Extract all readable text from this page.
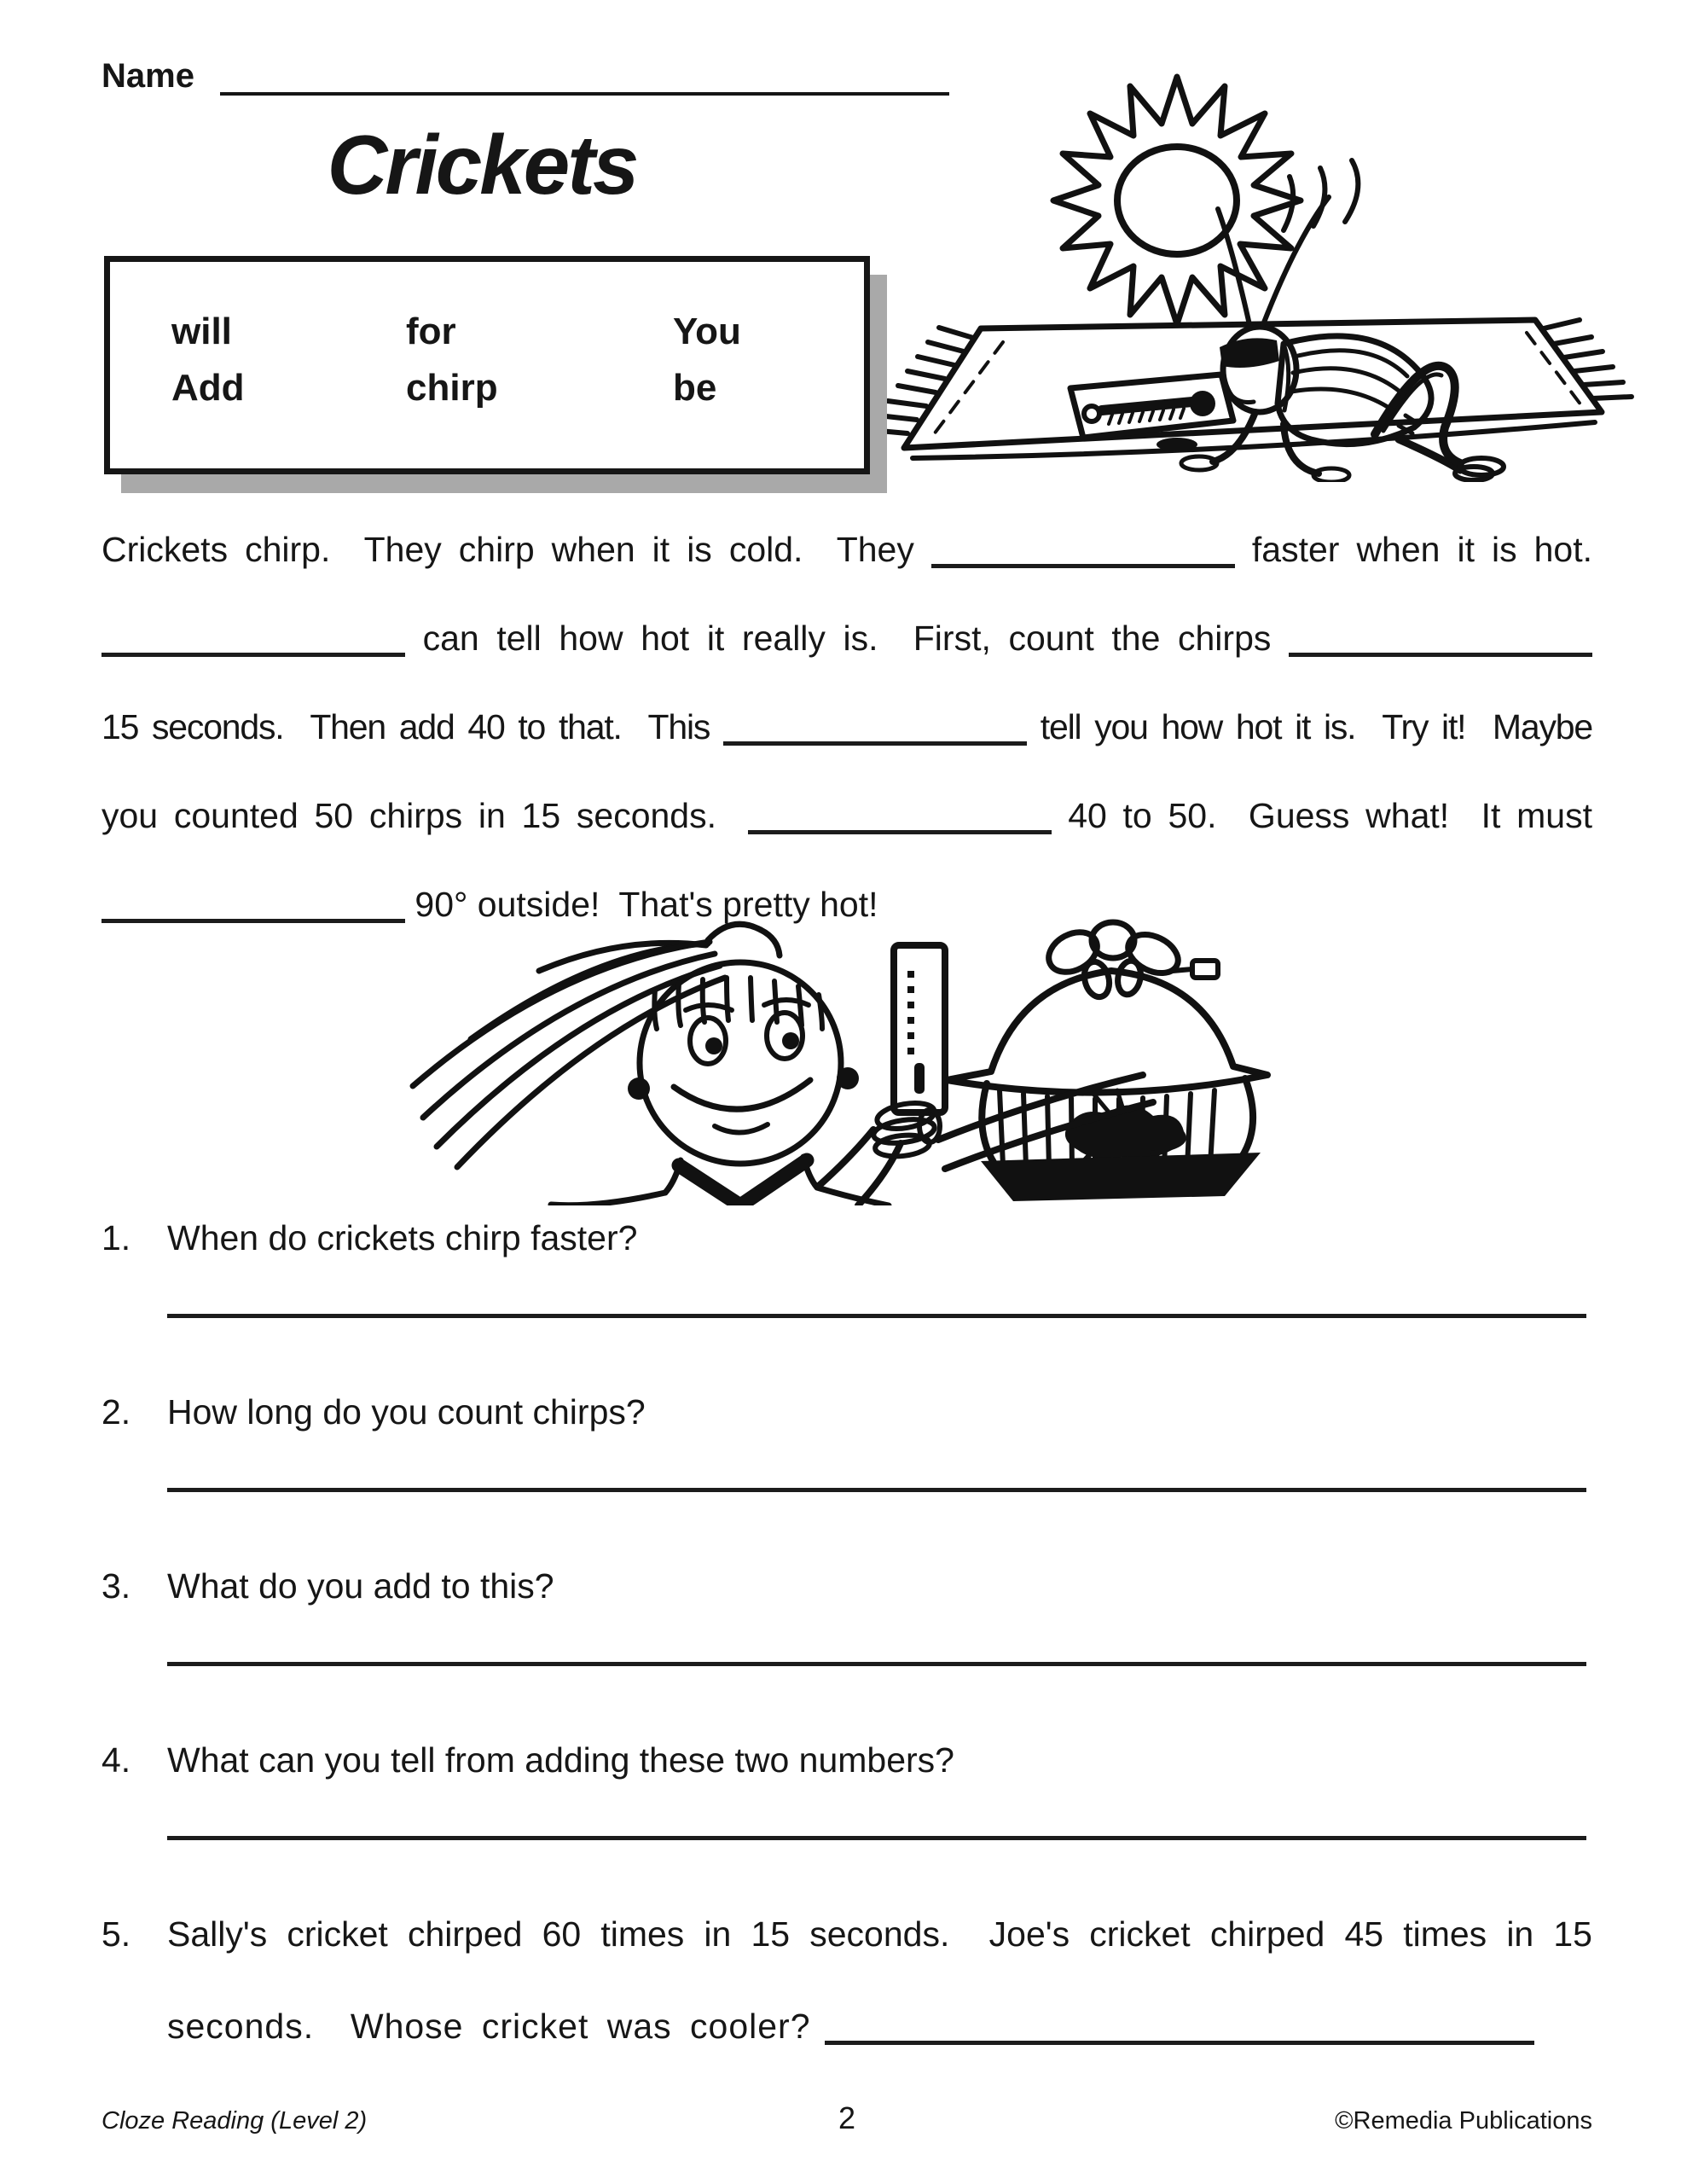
Name
Crickets
will	for	You
Add	chirp	be
Crickets chirp.  They chirp when it is cold.  They	faster when it is hot.
can tell how hot it really is.  First, count the chirps
15 seconds.  Then add 40 to that.  This	tell you how hot it is.  Try it!  Maybe
you counted 50 chirps in 15 seconds.	40 to 50.  Guess what!  It must
90° outside!  That's pretty hot!
1. When do crickets chirp faster?
2. How long do you count chirps?
3. What do you add to this?
4. What can you tell from adding these two numbers?
5. Sally's cricket chirped 60 times in 15 seconds.  Joe's cricket chirped 45 times in 15
seconds.  Whose cricket was cooler?
Cloze Reading (Level 2)	2	©Remedia Publications
